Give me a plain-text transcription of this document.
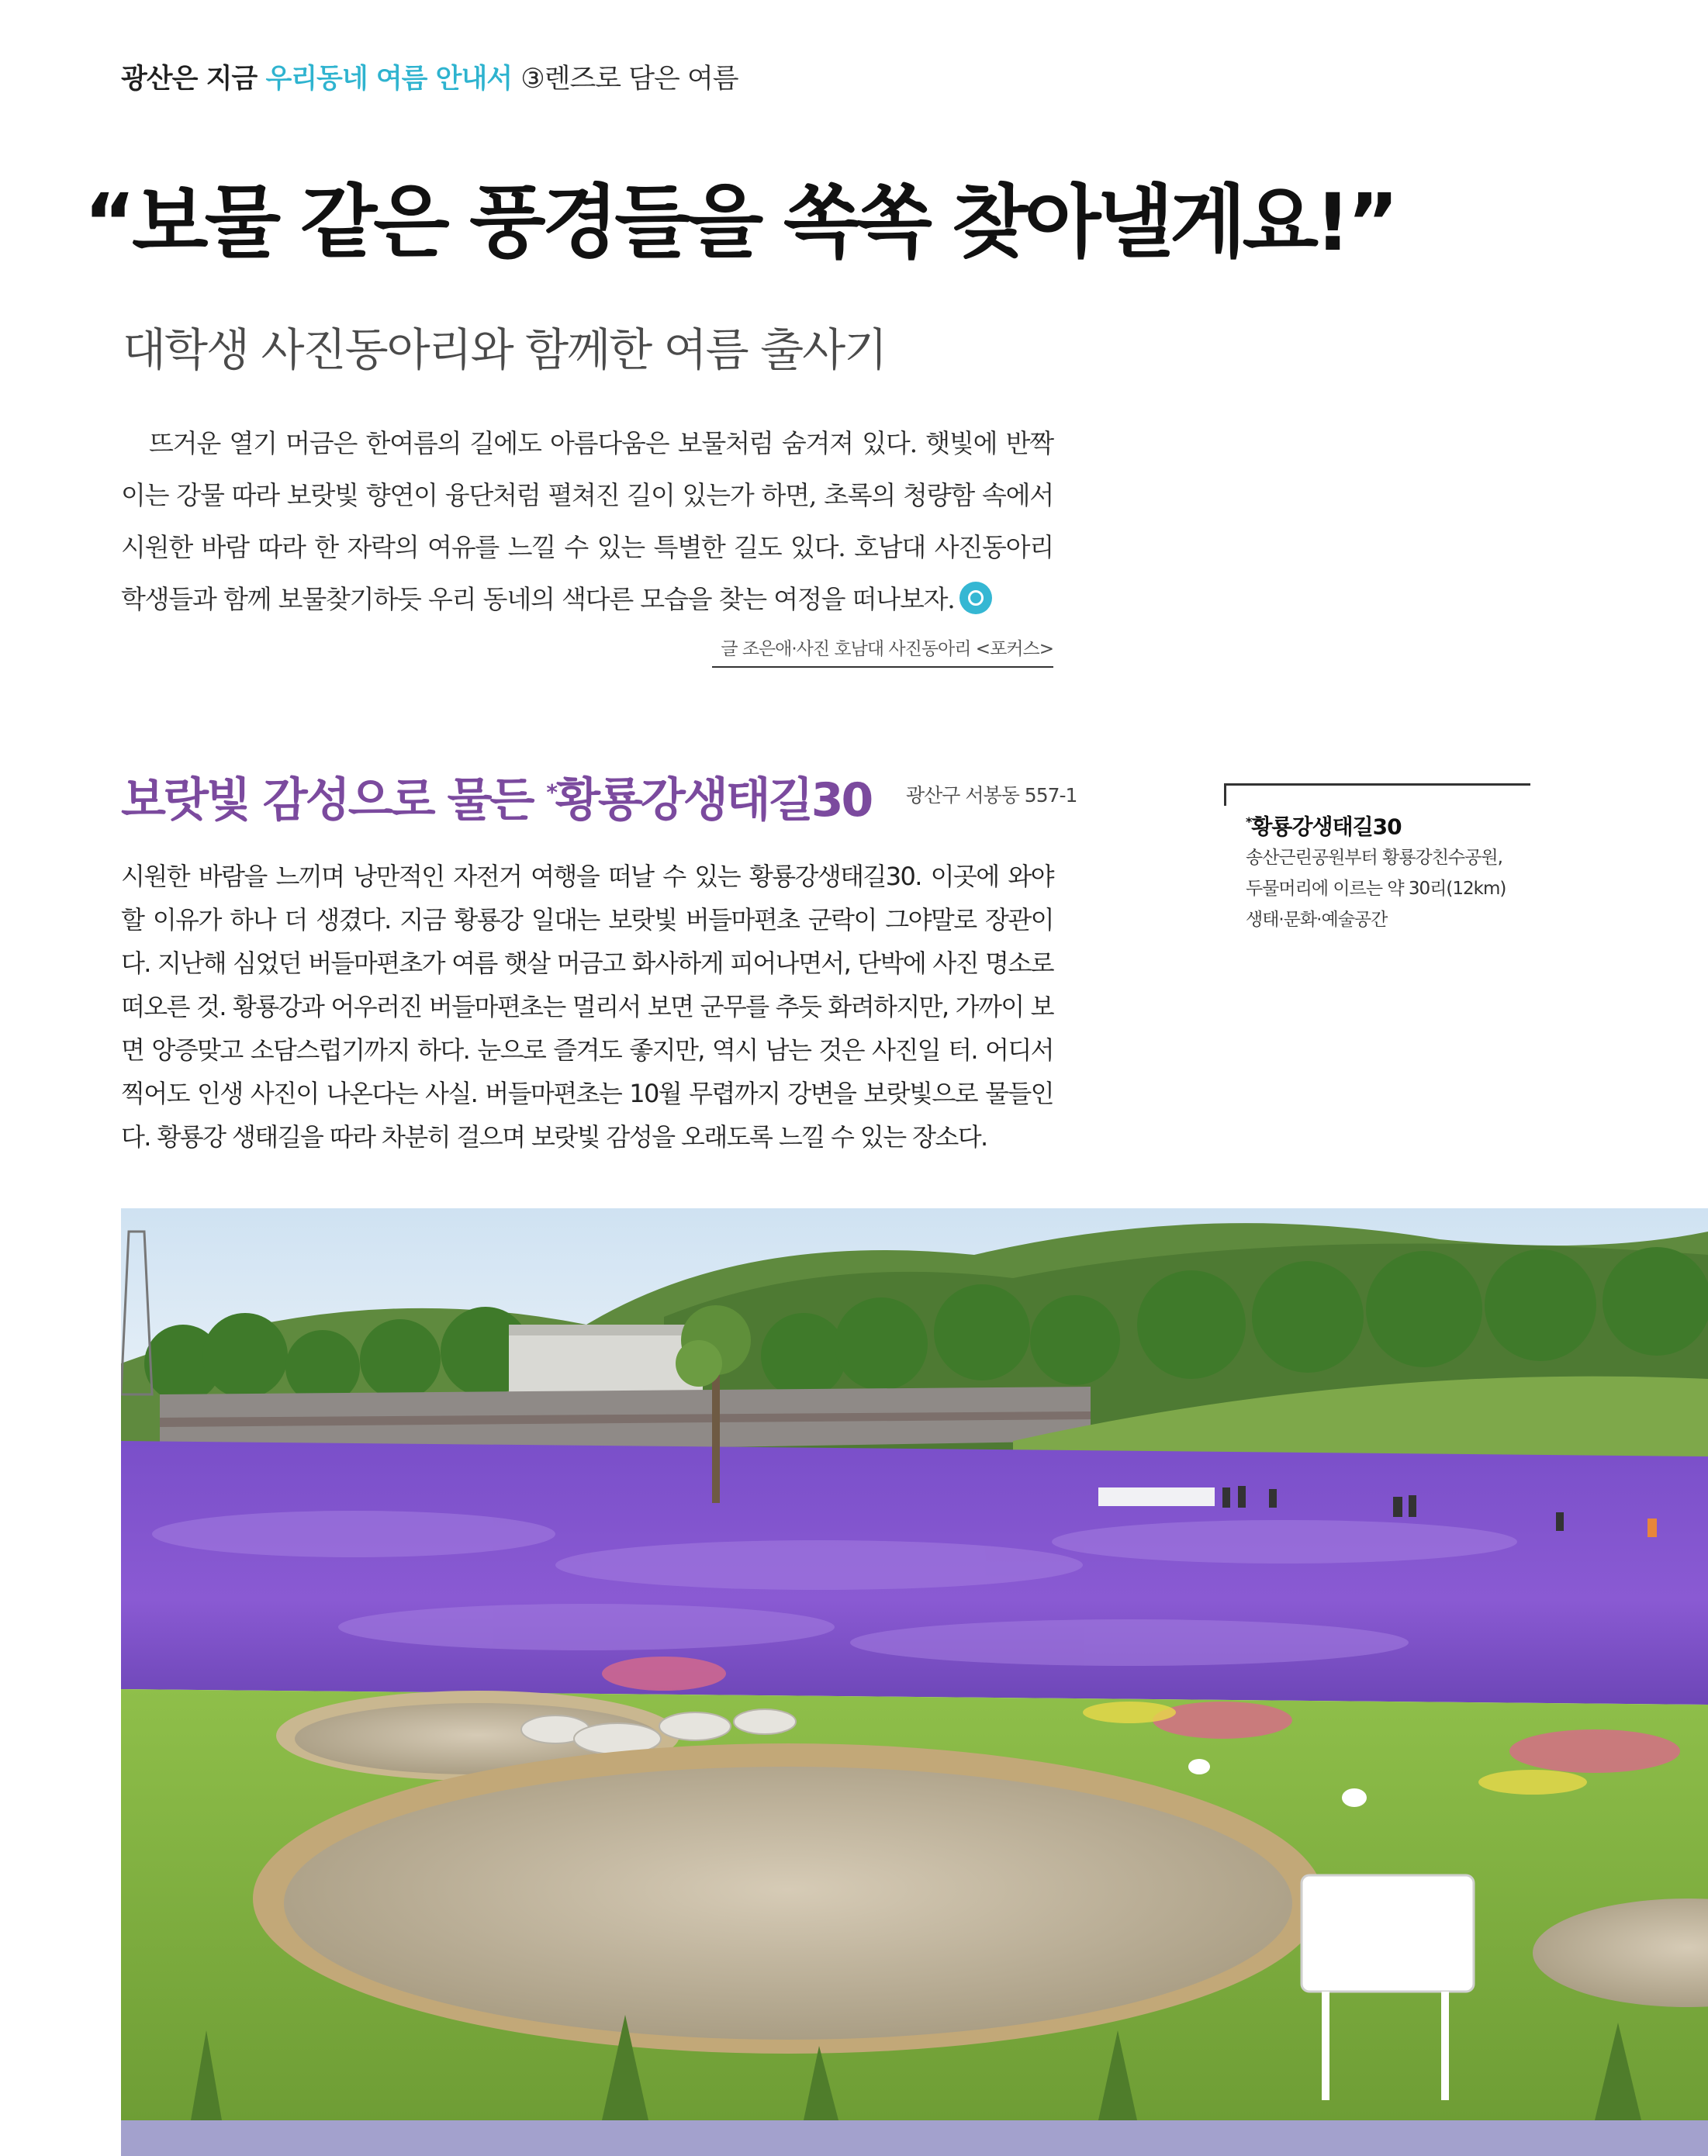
광산은 지금 우리동네 여름 안내서 ③렌즈로 담은 여름
“보물 같은 풍경들을 쏙쏙 찾아낼게요!”
대학생 사진동아리와 함께한 여름 출사기
뜨거운 열기 머금은 한여름의 길에도 아름다움은 보물처럼 숨겨져 있다. 햇빛에 반짝이는 강물 따라 보랏빛 향연이 융단처럼 펼쳐진 길이 있는가 하면, 초록의 청량함 속에서 시원한 바람 따라 한 자락의 여유를 느낄 수 있는 특별한 길도 있다. 호남대 사진동아리 학생들과 함께 보물찾기하듯 우리 동네의 색다른 모습을 찾는 여정을 떠나보자.
글 조은애·사진 호남대 사진동아리 <포커스>
보랏빛 감성으로 물든 *황룡강생태길30 광산구 서봉동 557-1
*황룡강생태길30
송산근린공원부터 황룡강친수공원,
두물머리에 이르는 약 30리(12km)
생태·문화·예술공간
시원한 바람을 느끼며 낭만적인 자전거 여행을 떠날 수 있는 황룡강생태길30. 이곳에 와야 할 이유가 하나 더 생겼다. 지금 황룡강 일대는 보랏빛 버들마편초 군락이 그야말로 장관이다. 지난해 심었던 버들마편초가 여름 햇살 머금고 화사하게 피어나면서, 단박에 사진 명소로 떠오른 것. 황룡강과 어우러진 버들마편초는 멀리서 보면 군무를 추듯 화려하지만, 가까이 보면 앙증맞고 소담스럽기까지 하다. 눈으로 즐겨도 좋지만, 역시 남는 것은 사진일 터. 어디서 찍어도 인생 사진이 나온다는 사실. 버들마편초는 10월 무렵까지 강변을 보랏빛으로 물들인다. 황룡강 생태길을 따라 차분히 걸으며 보랏빛 감성을 오래도록 느낄 수 있는 장소다.
